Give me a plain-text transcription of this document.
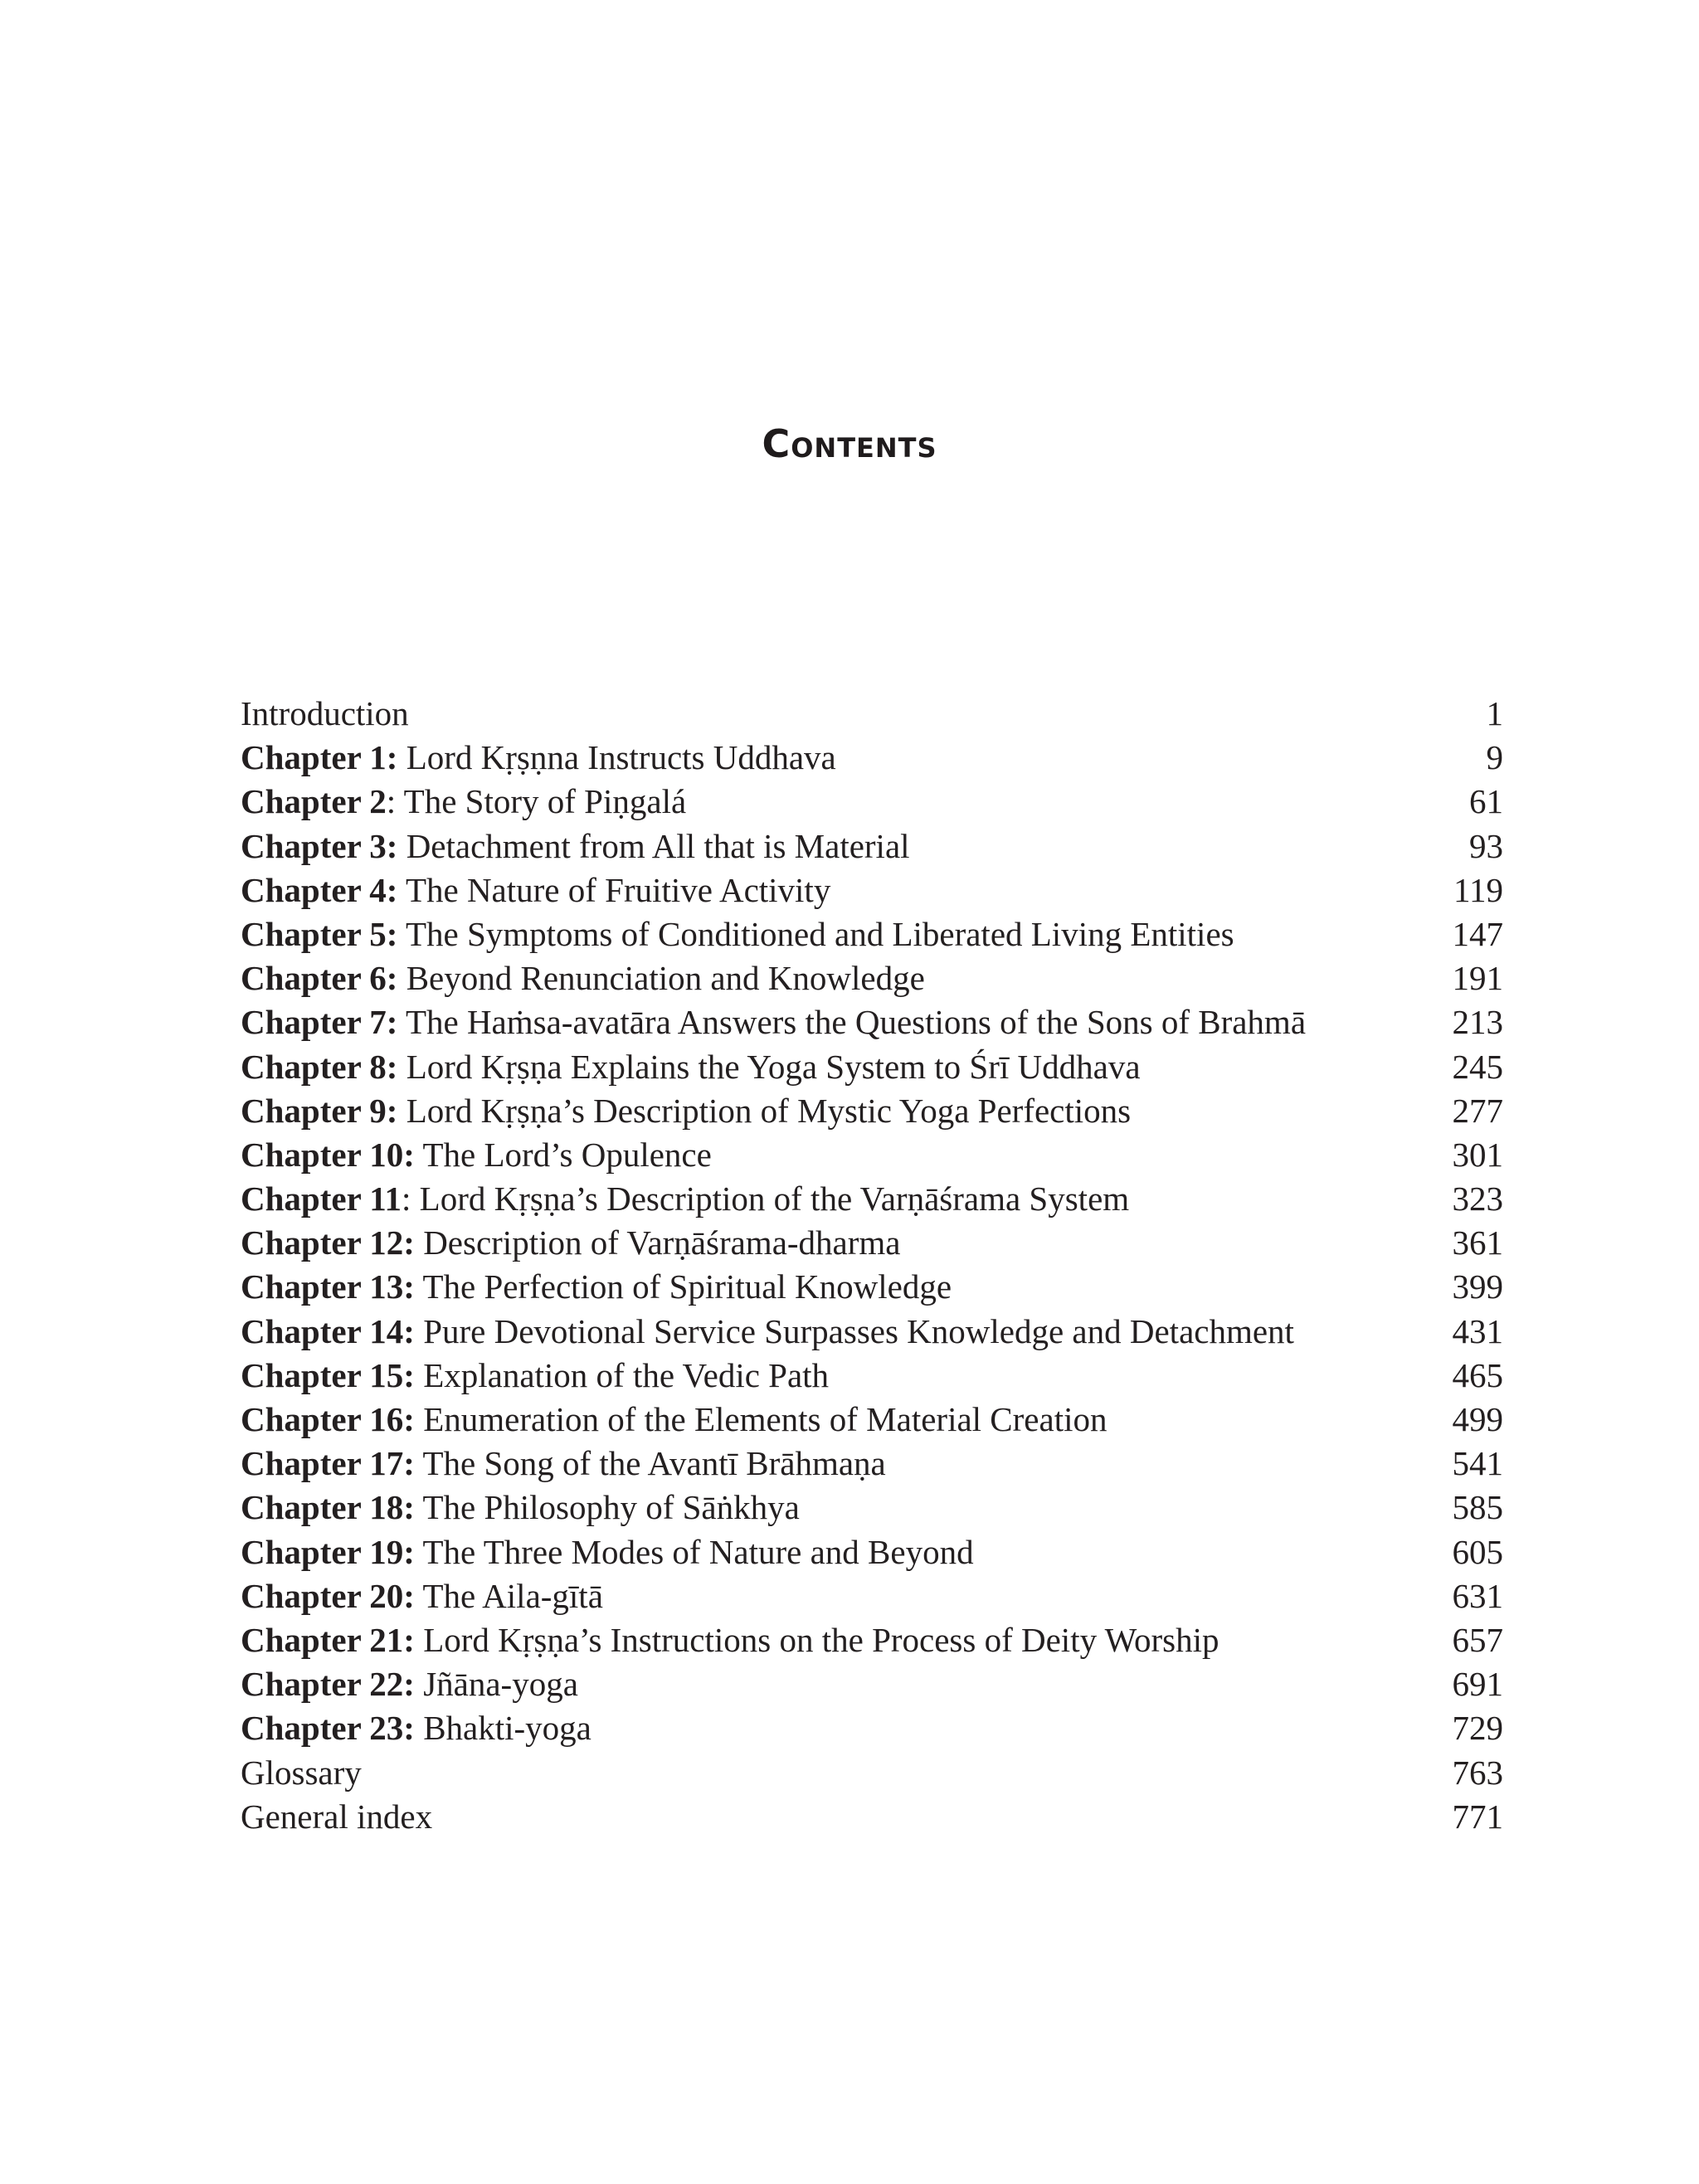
Contents
Introduction	1
Chapter 1: Lord Kṛṣṇna Instructs Uddhava	9
Chapter 2: The Story of Piṇgalá	61
Chapter 3: Detachment from All that is Material	93
Chapter 4: The Nature of Fruitive Activity	119
Chapter 5: The Symptoms of Conditioned and Liberated Living Entities	147
Chapter 6: Beyond Renunciation and Knowledge	191
Chapter 7: The Haṁsa-avatāra Answers the Questions of the Sons of Brahmā	213
Chapter 8: Lord Kṛṣṇa Explains the Yoga System to Śrī Uddhava	245
Chapter 9: Lord Kṛṣṇa’s Description of Mystic Yoga Perfections	277
Chapter 10: The Lord’s Opulence	301
Chapter 11: Lord Kṛṣṇa’s Description of the Varṇāśrama System	323
Chapter 12: Description of Varṇāśrama-dharma	361
Chapter 13: The Perfection of Spiritual Knowledge	399
Chapter 14: Pure Devotional Service Surpasses Knowledge and Detachment	431
Chapter 15: Explanation of the Vedic Path	465
Chapter 16: Enumeration of the Elements of Material Creation	499
Chapter 17: The Song of the Avantī Brāhmaṇa	541
Chapter 18: The Philosophy of Sāṅkhya	585
Chapter 19: The Three Modes of Nature and Beyond	605
Chapter 20: The Aila-gītā	631
Chapter 21: Lord Kṛṣṇa’s Instructions on the Process of Deity Worship	657
Chapter 22: Jñāna-yoga	691
Chapter 23: Bhakti-yoga	729
Glossary	763
General index	771
